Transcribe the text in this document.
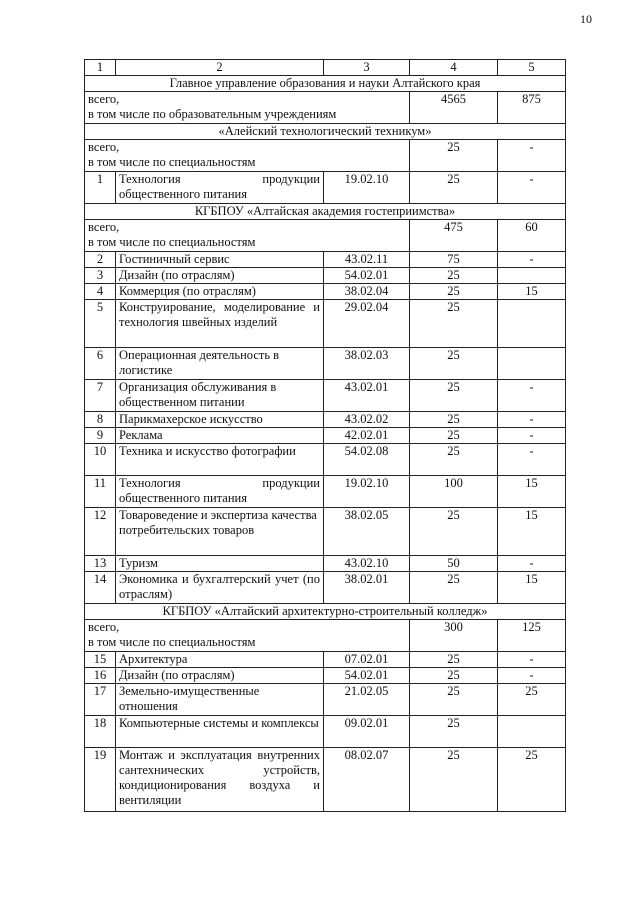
10
1	2	3	4	5
Главное управление образования и науки Алтайского края				
всего,
в том числе по образовательным учреждениям			4565	875
«Алейский технологический техникум»				
всего,
в том числе по специальностям			25	-
1	Технология продукции общественного питания	19.02.10	25	-
КГБПОУ «Алтайская академия гостеприимства»				
всего,
в том числе по специальностям			475	60
2	Гостиничный сервис	43.02.11	75	-
3	Дизайн (по отраслям)	54.02.01	25	
4	Коммерция (по отраслям)	38.02.04	25	15
5	Конструирование, моделирование и технология швейных изделий	29.02.04	25	
6	Операционная деятельность в логистике	38.02.03	25	
7	Организация обслуживания в общественном питании	43.02.01	25	-
8	Парикмахерское искусство	43.02.02	25	-
9	Реклама	42.02.01	25	-
10	Техника и искусство фотографии	54.02.08	25	-
11	Технология продукции общественного питания	19.02.10	100	15
12	Товароведение и экспертиза качества потребительских товаров	38.02.05	25	15
13	Туризм	43.02.10	50	-
14	Экономика и бухгалтерский учет (по отраслям)	38.02.01	25	15
КГБПОУ «Алтайский архитектурно-строительный колледж»				
всего,
в том числе по специальностям			300	125
15	Архитектура	07.02.01	25	-
16	Дизайн (по отраслям)	54.02.01	25	-
17	Земельно-имущественные отношения	21.02.05	25	25
18	Компьютерные системы и комплексы	09.02.01	25	
19	Монтаж и эксплуатация внутренних сантехнических устройств, кондиционирования воздуха и вентиляции	08.02.07	25	25
